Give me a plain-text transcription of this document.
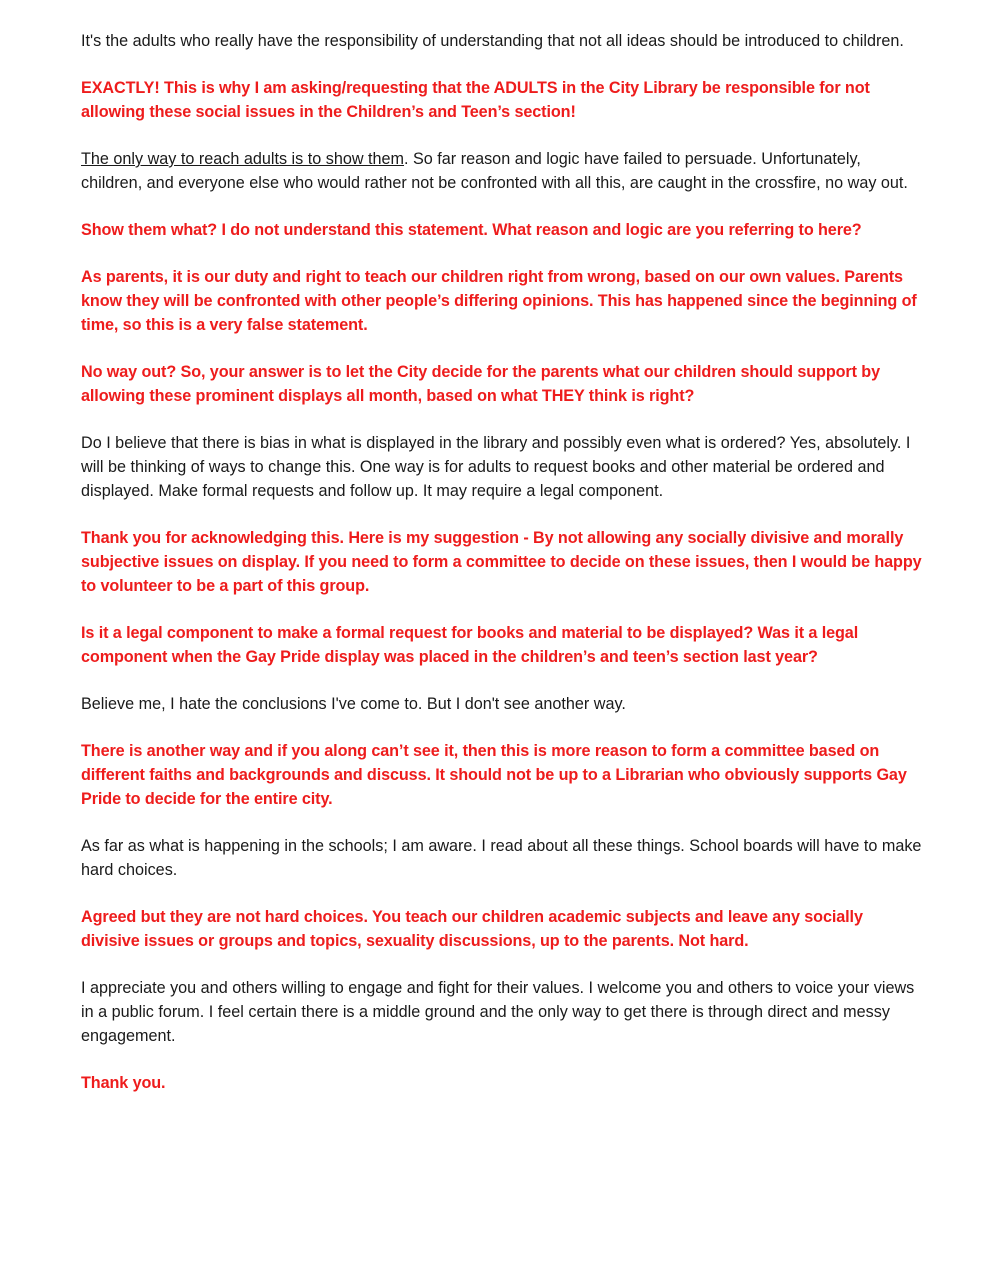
It's the adults who really have the responsibility of understanding that not all ideas should be introduced to children.

EXACTLY! This is why I am asking/requesting that the ADULTS in the City Library be responsible for not allowing these social issues in the Children’s and Teen’s section!

The only way to reach adults is to show them. So far reason and logic have failed to persuade. Unfortunately, children, and everyone else who would rather not be confronted with all this, are caught in the crossfire, no way out.

Show them what? I do not understand this statement. What reason and logic are you referring to here?

As parents, it is our duty and right to teach our children right from wrong, based on our own values. Parents know they will be confronted with other people’s differing opinions. This has happened since the beginning of time, so this is a very false statement.

No way out? So, your answer is to let the City decide for the parents what our children should support by allowing these prominent displays all month, based on what THEY think is right?

Do I believe that there is bias in what is displayed in the library and possibly even what is ordered? Yes, absolutely. I will be thinking of ways to change this. One way is for adults to request books and other material be ordered and displayed. Make formal requests and follow up. It may require a legal component.

Thank you for acknowledging this. Here is my suggestion - By not allowing any socially divisive and morally subjective issues on display. If you need to form a committee to decide on these issues, then I would be happy to volunteer to be a part of this group.

Is it a legal component to make a formal request for books and material to be displayed? Was it a legal component when the Gay Pride display was placed in the children’s and teen’s section last year?

Believe me, I hate the conclusions I've come to. But I don't see another way.

There is another way and if you along can’t see it, then this is more reason to form a committee based on different faiths and backgrounds and discuss. It should not be up to a Librarian who obviously supports Gay Pride to decide for the entire city.

As far as what is happening in the schools; I am aware. I read about all these things. School boards will have to make hard choices.

Agreed but they are not hard choices. You teach our children academic subjects and leave any socially divisive issues or groups and topics, sexuality discussions, up to the parents. Not hard.

I appreciate you and others willing to engage and fight for their values. I welcome you and others to voice your views in a public forum. I feel certain there is a middle ground and the only way to get there is through direct and messy engagement.

Thank you.
